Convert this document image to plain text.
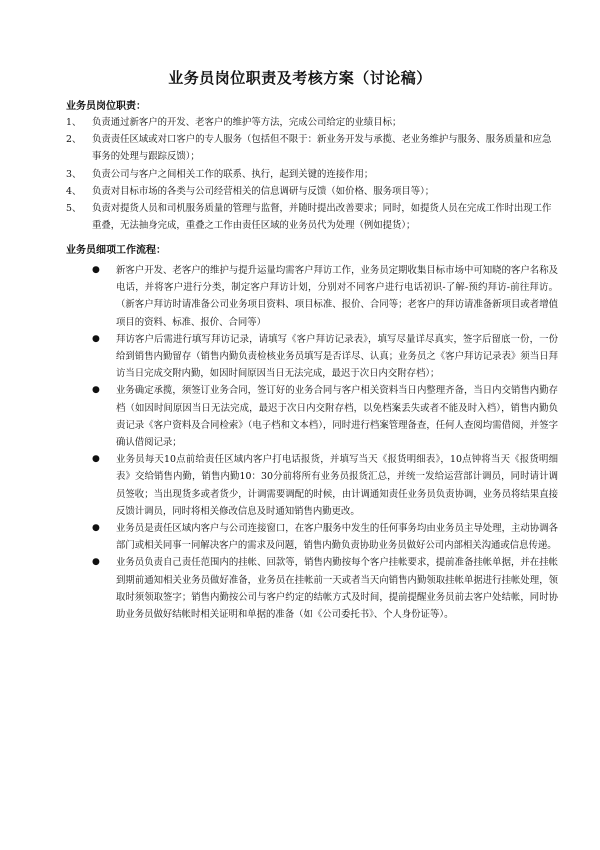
业务员岗位职责及考核方案（讨论稿）
业务员岗位职责：
1、	负责通过新客户的开发、老客户的维护等方法，完成公司给定的业绩目标；
2、	负责责任区域或对口客户的专人服务（包括但不限于：新业务开发与承揽、老业务维护与服务、服务质量和应急事务的处理与跟踪反馈）；
3、	负责公司与客户之间相关工作的联系、执行，起到关键的连接作用；
4、	负责对目标市场的各类与公司经营相关的信息调研与反馈（如价格、服务项目等）；
5、	负责对提货人员和司机服务质量的管理与监督，并随时提出改善要求；同时，如提货人员在完成工作时出现工作重叠，无法抽身完成，重叠之工作由责任区域的业务员代为处理（例如提货）；
业务员细项工作流程：
●	新客户开发、老客户的维护与提升运量均需客户拜访工作，业务员定期收集目标市场中可知晓的客户名称及电话，并将客户进行分类，制定客户拜访计划，分别对不同客户进行电话初识-了解-预约拜访-前往拜访。（新客户拜访时请准备公司业务项目资料、项目标准、报价、合同等；老客户的拜访请准备新项目或者增值项目的资料、标准、报价、合同等）
●	拜访客户后需进行填写拜访记录，请填写《客户拜访记录表》，填写尽量详尽真实，签字后留底一份，一份给到销售内勤留存（销售内勤负责检核业务员填写是否详尽、认真；业务员之《客户拜访记录表》须当日拜访当日完成交附内勤，如因时间原因当日无法完成，最迟于次日内交附存档）；
●	业务确定承揽，须签订业务合同，签订好的业务合同与客户相关资料当日内整理齐备，当日内交销售内勤存档（如因时间原因当日无法完成，最迟于次日内交附存档，以免档案丢失或者不能及时入档），销售内勤负责记录《客户资料及合同检索》（电子档和文本档），同时进行档案管理备查，任何人查阅均需借阅，并签字确认借阅记录；
●	业务员每天10点前给责任区域内客户打电话报货，并填写当天《报货明细表》，10点钟将当天《报货明细表》交给销售内勤，销售内勤10：30分前将所有业务员报货汇总，并统一发给运营部计调员，同时请计调员签收；当出现货多或者货少，计调需要调配的时候，由计调通知责任业务员负责协调，业务员将结果直接反馈计调员，同时将相关修改信息及时通知销售内勤更改。
●	业务员是责任区域内客户与公司连接窗口，在客户服务中发生的任何事务均由业务员主导处理，主动协调各部门或相关同事一同解决客户的需求及问题，销售内勤负责协助业务员做好公司内部相关沟通或信息传递。
●	业务员负责自己责任范围内的挂帐、回款等，销售内勤按每个客户挂帐要求，提前准备挂帐单据，并在挂帐到期前通知相关业务员做好准备，业务员在挂帐前一天或者当天向销售内勤领取挂帐单据进行挂帐处理，领取时须领取签字；销售内勤按公司与客户约定的结帐方式及时间，提前提醒业务员前去客户处结帐，同时协助业务员做好结帐时相关证明和单据的准备（如《公司委托书》、个人身份证等）。
